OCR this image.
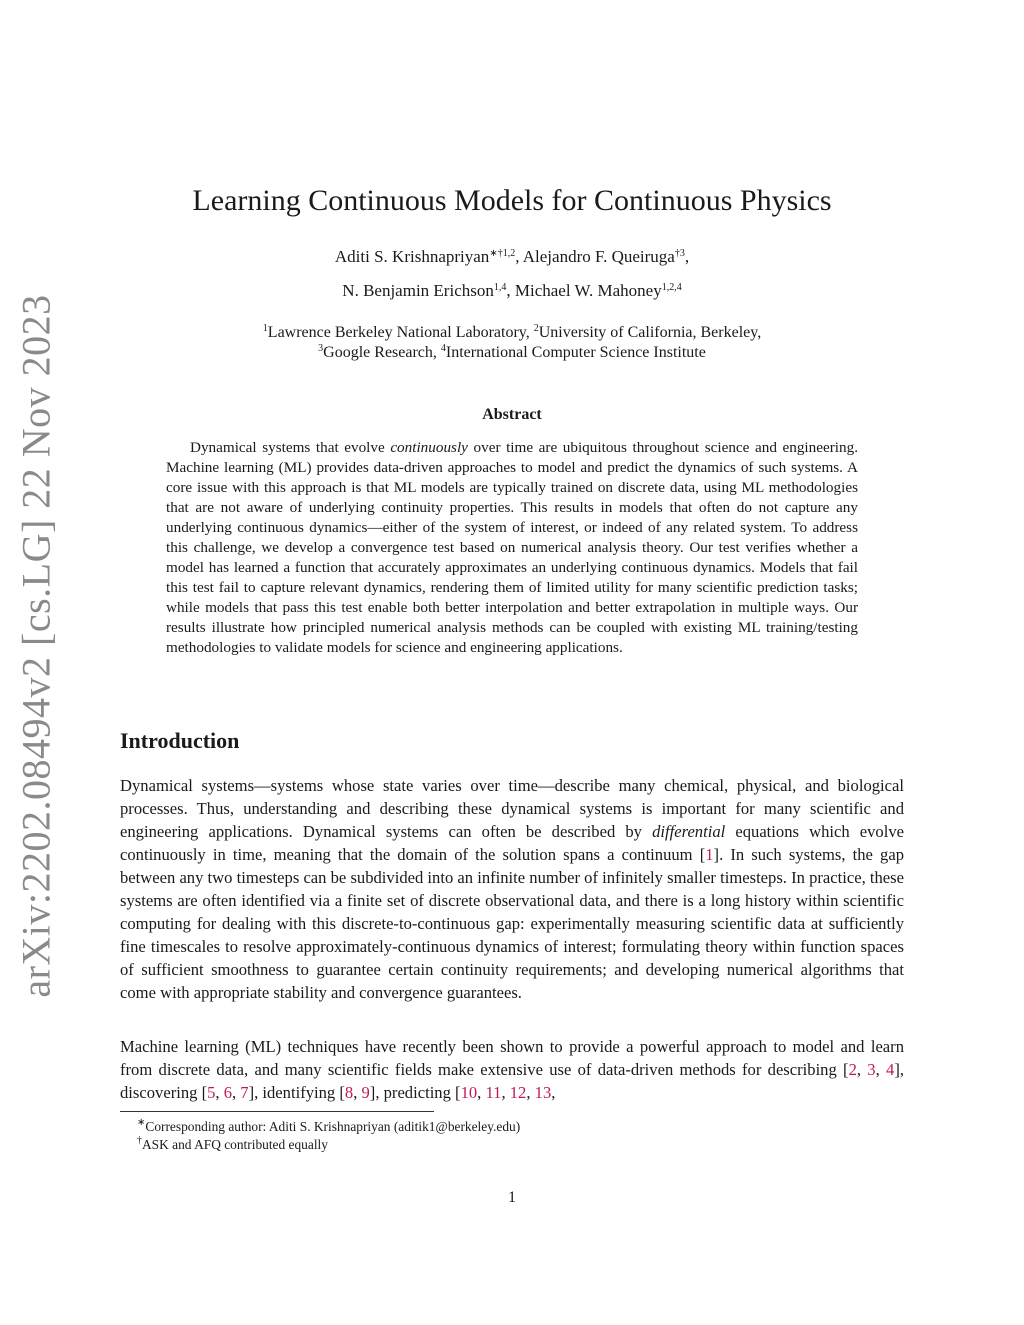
arXiv:2202.08494v2 [cs.LG] 22 Nov 2023
Learning Continuous Models for Continuous Physics
Aditi S. Krishnapriyan$^{∗\dagger 1,2}$, Alejandro F. Queiruga$^{\dagger 3}$,
N. Benjamin Erichson$^{1,4}$, Michael W. Mahoney$^{1,2,4}$
$^1$Lawrence Berkeley National Laboratory, $^2$University of California, Berkeley,
$^3$Google Research, $^4$International Computer Science Institute
Abstract
Dynamical systems that evolve continuously over time are ubiquitous throughout science and engineering. Machine learning (ML) provides data-driven approaches to model and predict the dynamics of such systems. A core issue with this approach is that ML models are typically trained on discrete data, using ML methodologies that are not aware of underlying continuity properties. This results in models that often do not capture any underlying continuous dynamics—either of the system of interest, or indeed of any related system. To address this challenge, we develop a convergence test based on numerical analysis theory. Our test verifies whether a model has learned a function that accurately approximates an underlying continuous dynamics. Models that fail this test fail to capture relevant dynamics, rendering them of limited utility for many scientific prediction tasks; while models that pass this test enable both better interpolation and better extrapolation in multiple ways. Our results illustrate how principled numerical analysis methods can be coupled with existing ML training/testing methodologies to validate models for science and engineering applications.
Introduction
Dynamical systems—systems whose state varies over time—describe many chemical, physical, and biological processes. Thus, understanding and describing these dynamical systems is important for many scientific and engineering applications. Dynamical systems can often be described by differential equations which evolve continuously in time, meaning that the domain of the solution spans a continuum [1]. In such systems, the gap between any two timesteps can be subdivided into an infinite number of infinitely smaller timesteps. In practice, these systems are often identified via a finite set of discrete observational data, and there is a long history within scientific computing for dealing with this discrete-to-continuous gap: experimentally measuring scientific data at sufficiently fine timescales to resolve approximately-continuous dynamics of interest; formulating theory within function spaces of sufficient smoothness to guarantee certain continuity requirements; and developing numerical algorithms that come with appropriate stability and convergence guarantees.
Machine learning (ML) techniques have recently been shown to provide a powerful approach to model and learn from discrete data, and many scientific fields make extensive use of data-driven methods for describing [2, 3, 4], discovering [5, 6, 7], identifying [8, 9], predicting [10, 11, 12, 13,
∗Corresponding author: Aditi S. Krishnapriyan (aditik1@berkeley.edu)
†ASK and AFQ contributed equally
1
